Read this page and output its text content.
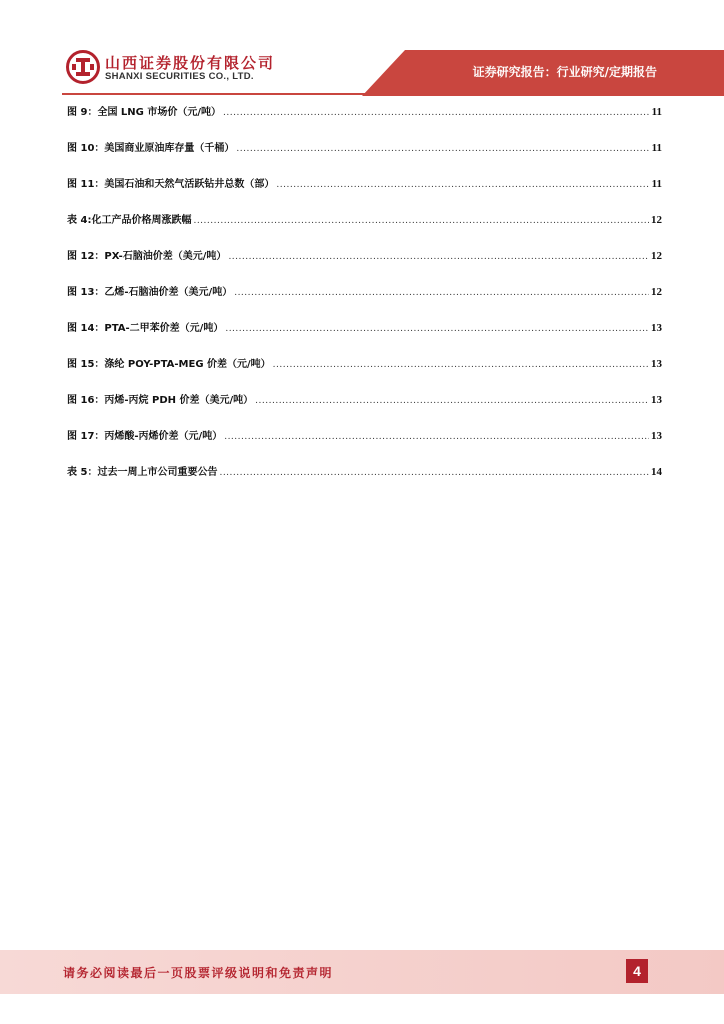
山西证券股份有限公司
SHANXI SECURITIES CO., LTD.	证券研究报告：行业研究/定期报告
图 9：全国 LNG 市场价（元/吨） .....	11
图 10：美国商业原油库存量（千桶） .....	11
图 11：美国石油和天然气活跃钻井总数（部） .....	11
表 4:化工产品价格周涨跌幅 .....	12
图 12：PX-石脑油价差（美元/吨） .....	12
图 13：乙烯-石脑油价差（美元/吨） .....	12
图 14：PTA-二甲苯价差（元/吨） .....	13
图 15：涤纶 POY-PTA-MEG 价差（元/吨） .....	13
图 16：丙烯-丙烷 PDH 价差（美元/吨） .....	13
图 17：丙烯酸-丙烯价差（元/吨） .....	13
表 5：过去一周上市公司重要公告 .....	14
请务必阅读最后一页股票评级说明和免责声明	4
